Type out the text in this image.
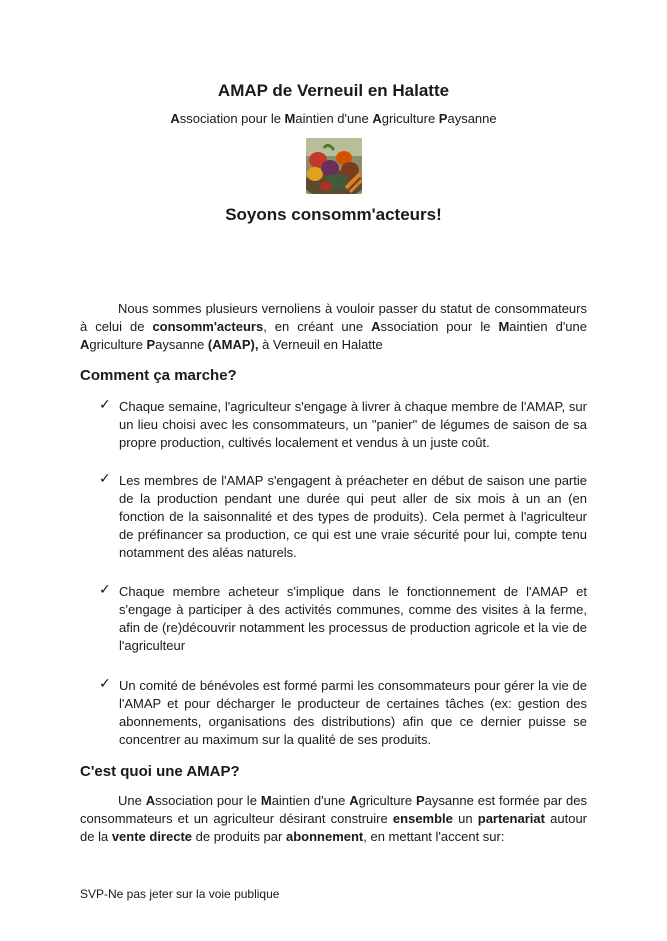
AMAP de Verneuil en Halatte
Association pour le Maintien d'une Agriculture Paysanne
Soyons consomm'acteurs!

Nous sommes plusieurs vernoliens à vouloir passer du statut de consommateurs à celui de consomm'acteurs, en créant une Association pour le Maintien d'une Agriculture Paysanne (AMAP), à Verneuil en Halatte

Comment ça marche?
✓ Chaque semaine, l'agriculteur s'engage à livrer à chaque membre de l'AMAP, sur un lieu choisi avec les consommateurs, un "panier" de légumes de saison de sa propre production, cultivés localement et vendus à un juste coût.

✓ Les membres de l'AMAP s'engagent à préacheter en début de saison une partie de la production pendant une durée qui peut aller de six mois à un an (en fonction de la saisonnalité et des types de produits). Cela permet à l'agriculteur de préfinancer sa production, ce qui est une vraie sécurité pour lui, compte tenu notamment des aléas naturels.

✓ Chaque membre acheteur s'implique dans le fonctionnement de l'AMAP et s'engage à participer à des activités communes, comme des visites à la ferme, afin de (re)découvrir notamment les processus de production agricole et la vie de l'agriculteur

✓ Un comité de bénévoles est formé parmi les consommateurs pour gérer la vie de l'AMAP et pour décharger le producteur de certaines tâches (ex: gestion des abonnements, organisations des distributions) afin que ce dernier puisse se concentrer au maximum sur la qualité de ses produits.

C'est quoi une AMAP?

Une Association pour le Maintien d'une Agriculture Paysanne est formée par des consommateurs et un agriculteur désirant construire ensemble un partenariat autour de la vente directe de produits par abonnement, en mettant l'accent sur:

SVP-Ne pas jeter sur la voie publique
